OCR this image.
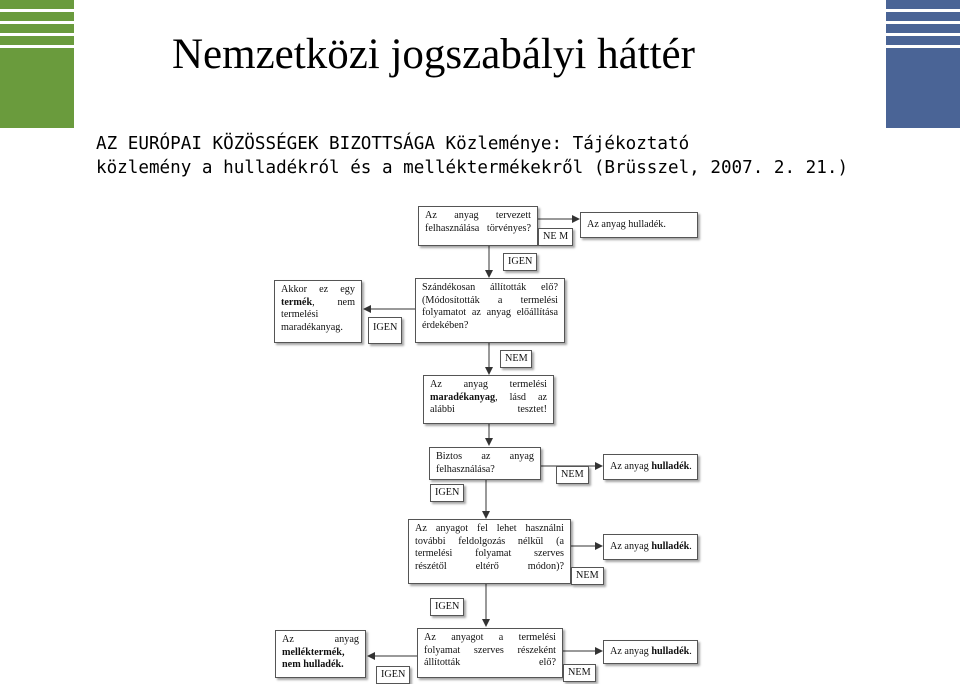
Nemzetközi jogszabályi háttér
AZ EURÓPAI KÖZÖSSÉGEK BIZOTTSÁGA Közleménye: Tájékoztató
közlemény a hulladékról és a melléktermékekről (Brüsszel, 2007. 2. 21.)
Az anyag tervezett
felhasználása törvényes?
NE M
Az anyag hulladék.
IGEN
Szándékosan állították elő?
(Módosították a termelési
folyamatot az anyag előállítása
érdekében?
Akkor ez egy
termék, nem
termelési
maradékanyag.	IGEN
NEM
Az anyag termelési
maradékanyag, lásd az
alábbi tesztet!
Biztos az anyag
felhasználása?	NEM
Az anyag hulladék.
IGEN
Az anyagot fel lehet használni
további feldolgozás nélkül (a
termelési folyamat szerves
részétől eltérő módon)?
Az anyag hulladék.
NEM
IGEN
Az anyagot a termelési
folyamat szerves részeként
állították elő?
Az anyag
melléktermék,
nem hulladék.
IGEN
Az anyag hulladék.
NEM
